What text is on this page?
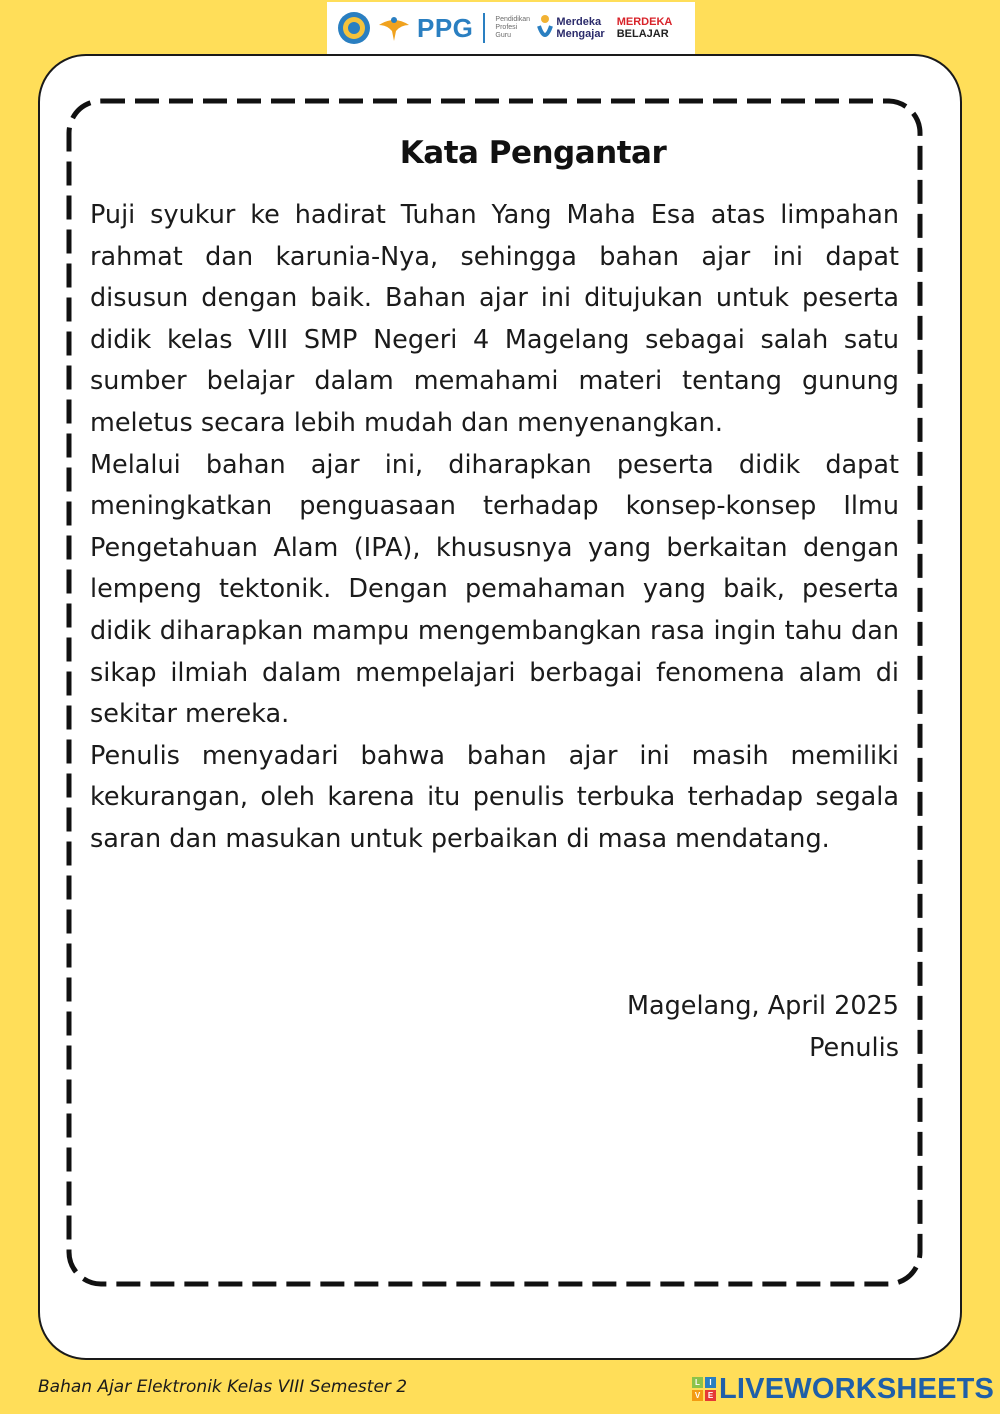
PPG	Pendidikan
Profesi
Guru
Merdeka
Mengajar
MERDEKA
BELAJAR
Kata Pengantar

Puji syukur ke hadirat Tuhan Yang Maha Esa atas limpahan rahmat dan karunia-Nya, sehingga bahan ajar ini dapat disusun dengan baik. Bahan ajar ini ditujukan untuk peserta didik kelas VIII SMP Negeri 4 Magelang sebagai salah satu sumber belajar dalam memahami materi tentang gunung meletus secara lebih mudah dan menyenangkan.

Melalui bahan ajar ini, diharapkan peserta didik dapat meningkatkan penguasaan terhadap konsep-konsep Ilmu Pengetahuan Alam (IPA), khususnya yang berkaitan dengan lempeng tektonik. Dengan pemahaman yang baik, peserta didik diharapkan mampu mengembangkan rasa ingin tahu dan sikap ilmiah dalam mempelajari berbagai fenomena alam di sekitar mereka.

Penulis menyadari bahwa bahan ajar ini masih memiliki kekurangan, oleh karena itu penulis terbuka terhadap segala saran dan masukan untuk perbaikan di masa mendatang.

Magelang, April 2025
Penulis
Bahan Ajar Elektronik Kelas VIII Semester 2	L	I
V E LIVEWORKSHEETS
